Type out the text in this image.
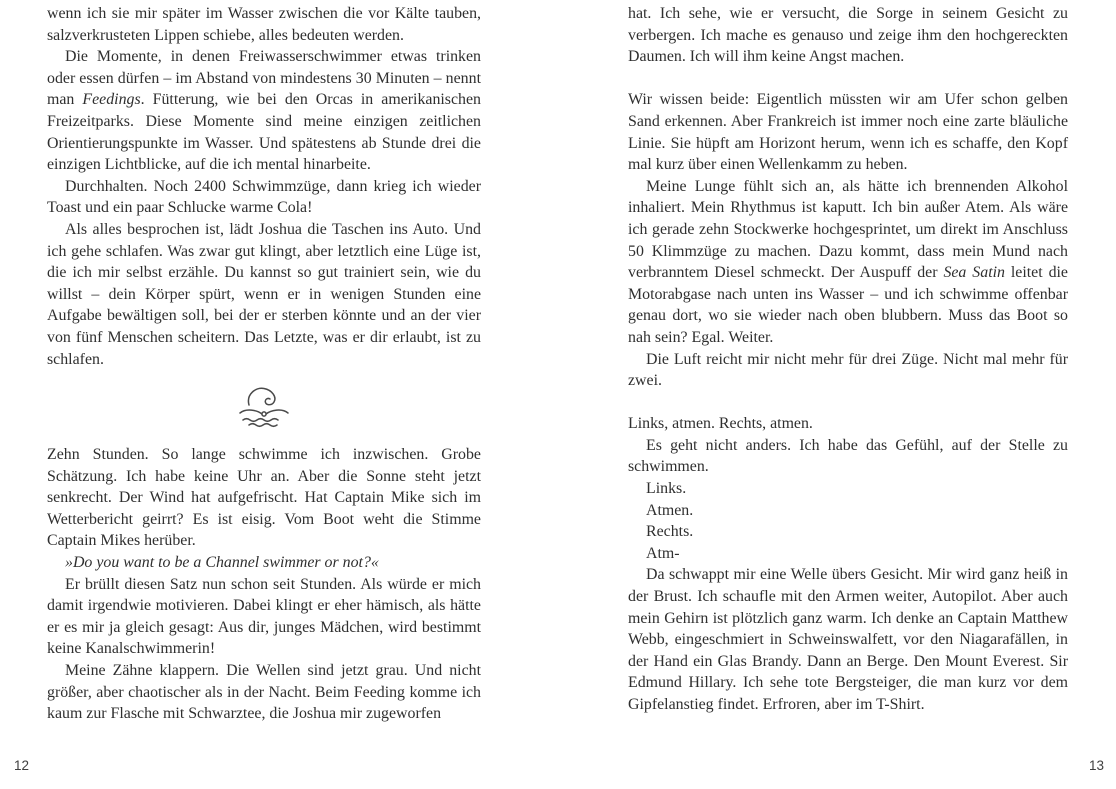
wenn ich sie mir später im Wasser zwischen die vor Kälte tauben, salzverkrusteten Lippen schiebe, alles bedeuten werden.

Die Momente, in denen Freiwasserschwimmer etwas trinken oder essen dürfen – im Abstand von mindestens 30 Minuten – nennt man Feedings. Fütterung, wie bei den Orcas in amerikanischen Freizeitparks. Diese Momente sind meine einzigen zeitlichen Orientierungspunkte im Wasser. Und spätestens ab Stunde drei die einzigen Lichtblicke, auf die ich mental hinarbeite.

Durchhalten. Noch 2400 Schwimmzüge, dann krieg ich wieder Toast und ein paar Schlucke warme Cola!

Als alles besprochen ist, lädt Joshua die Taschen ins Auto. Und ich gehe schlafen. Was zwar gut klingt, aber letztlich eine Lüge ist, die ich mir selbst erzähle. Du kannst so gut trainiert sein, wie du willst – dein Körper spürt, wenn er in wenigen Stunden eine Aufgabe bewältigen soll, bei der er sterben könnte und an der vier von fünf Menschen scheitern. Das Letzte, was er dir erlaubt, ist zu schlafen.

Zehn Stunden. So lange schwimme ich inzwischen. Grobe Schätzung. Ich habe keine Uhr an. Aber die Sonne steht jetzt senkrecht. Der Wind hat aufgefrischt. Hat Captain Mike sich im Wetterbericht geirrt? Es ist eisig. Vom Boot weht die Stimme Captain Mikes herüber.

»Do you want to be a Channel swimmer or not?«

Er brüllt diesen Satz nun schon seit Stunden. Als würde er mich damit irgendwie motivieren. Dabei klingt er eher hämisch, als hätte er es mir ja gleich gesagt: Aus dir, junges Mädchen, wird bestimmt keine Kanalschwimmerin!

Meine Zähne klappern. Die Wellen sind jetzt grau. Und nicht größer, aber chaotischer als in der Nacht. Beim Feeding komme ich kaum zur Flasche mit Schwarztee, die Joshua mir zugeworfen

hat. Ich sehe, wie er versucht, die Sorge in seinem Gesicht zu verbergen. Ich mache es genauso und zeige ihm den hochgereckten Daumen. Ich will ihm keine Angst machen.

Wir wissen beide: Eigentlich müssten wir am Ufer schon gelben Sand erkennen. Aber Frankreich ist immer noch eine zarte bläuliche Linie. Sie hüpft am Horizont herum, wenn ich es schaffe, den Kopf mal kurz über einen Wellenkamm zu heben.

Meine Lunge fühlt sich an, als hätte ich brennenden Alkohol inhaliert. Mein Rhythmus ist kaputt. Ich bin außer Atem. Als wäre ich gerade zehn Stockwerke hochgesprintet, um direkt im Anschluss 50 Klimmzüge zu machen. Dazu kommt, dass mein Mund nach verbranntem Diesel schmeckt. Der Auspuff der Sea Satin leitet die Motorabgase nach unten ins Wasser – und ich schwimme offenbar genau dort, wo sie wieder nach oben blubbern. Muss das Boot so nah sein? Egal. Weiter.

Die Luft reicht mir nicht mehr für drei Züge. Nicht mal mehr für zwei.

Links, atmen. Rechts, atmen.

Es geht nicht anders. Ich habe das Gefühl, auf der Stelle zu schwimmen.

Links.

Atmen.

Rechts.

Atm-

Da schwappt mir eine Welle übers Gesicht. Mir wird ganz heiß in der Brust. Ich schaufle mit den Armen weiter, Autopilot. Aber auch mein Gehirn ist plötzlich ganz warm. Ich denke an Captain Matthew Webb, eingeschmiert in Schweinswalfett, vor den Niagarafällen, in der Hand ein Glas Brandy. Dann an Berge. Den Mount Everest. Sir Edmund Hillary. Ich sehe tote Bergsteiger, die man kurz vor dem Gipfelanstieg findet. Erfroren, aber im T-Shirt.

12	13
